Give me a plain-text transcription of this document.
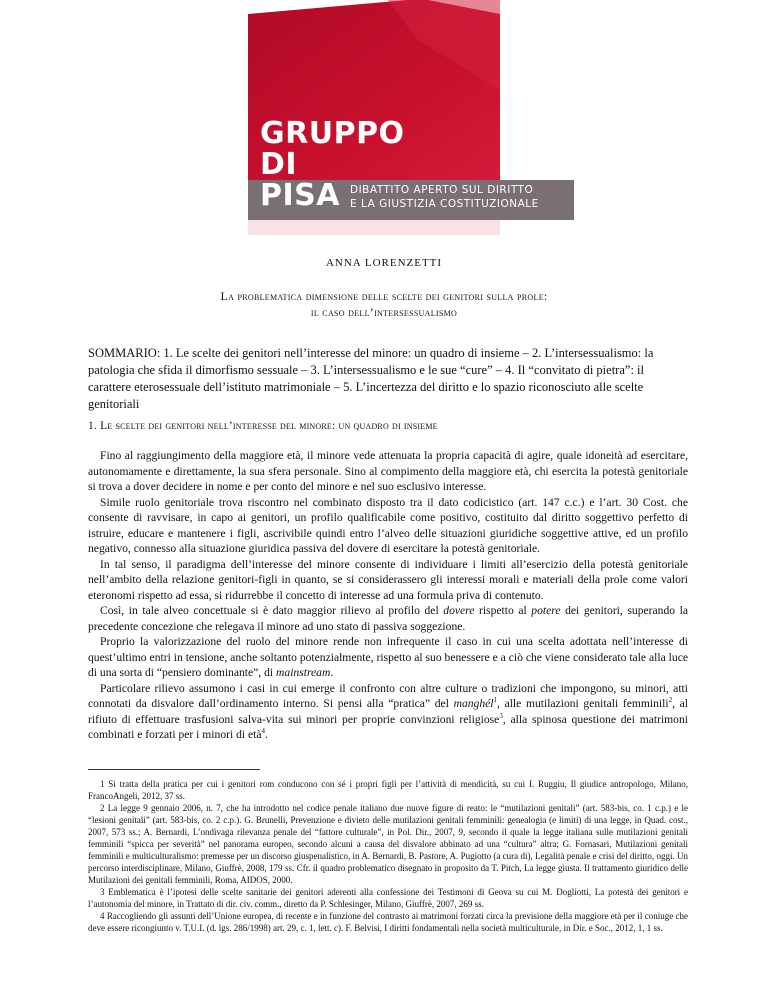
GRUPPO
DI
PISA DIBATTITO APERTO SUL DIRITTO
E LA GIUSTIZIA COSTITUZIONALE
ANNA LORENZETTI
La problematica dimensione delle scelte dei genitori sulla prole:
il caso dell’intersessualismo
SOMMARIO: 1. Le scelte dei genitori nell’interesse del minore: un quadro di insieme – 2. L’intersessualismo: la patologia che sfida il dimorfismo sessuale – 3. L’intersessualismo e le sue “cure” – 4. Il “convitato di pietra”: il carattere eterosessuale dell’istituto matrimoniale – 5. L’incertezza del diritto e lo spazio riconosciuto alle scelte genitoriali
1. Le scelte dei genitori nell’interesse del minore: un quadro di insieme

Fino al raggiungimento della maggiore età, il minore vede attenuata la propria capacità di agire, quale idoneità ad esercitare, autonomamente e direttamente, la sua sfera personale. Sino al compimento della maggiore età, chi esercita la potestà genitoriale si trova a dover decidere in nome e per conto del minore e nel suo esclusivo interesse.

Simile ruolo genitoriale trova riscontro nel combinato disposto tra il dato codicistico (art. 147 c.c.) e l’art. 30 Cost. che consente di ravvisare, in capo ai genitori, un profilo qualificabile come positivo, costituito dal diritto soggettivo perfetto di istruire, educare e mantenere i figli, ascrivibile quindi entro l’alveo delle situazioni giuridiche soggettive attive, ed un profilo negativo, connesso alla situazione giuridica passiva del dovere di esercitare la potestà genitoriale.

In tal senso, il paradigma dell’interesse del minore consente di individuare i limiti all’esercizio della potestà genitoriale nell’ambito della relazione genitori-figli in quanto, se si considerassero gli interessi morali e materiali della prole come valori eteronomi rispetto ad essa, si ridurrebbe il concetto di interesse ad una formula priva di contenuto.

Così, in tale alveo concettuale si è dato maggior rilievo al profilo del dovere rispetto al potere dei genitori, superando la precedente concezione che relegava il minore ad uno stato di passiva soggezione.

Proprio la valorizzazione del ruolo del minore rende non infrequente il caso in cui una scelta adottata nell’interesse di quest’ultimo entri in tensione, anche soltanto potenzialmente, rispetto al suo benessere e a ciò che viene considerato tale alla luce di una sorta di “pensiero dominante”, di mainstream.

Particolare rilievo assumono i casi in cui emerge il confronto con altre culture o tradizioni che impongono, su minori, atti connotati da disvalore dall’ordinamento interno. Si pensi alla “pratica” del manghél$^1$, alle mutilazioni genitali femminili$^2$, al rifiuto di effettuare trasfusioni salva-vita sui minori per proprie convinzioni religiose$^3$, alla spinosa questione dei matrimoni combinati e forzati per i minori di età$^4$.

1 Si tratta della pratica per cui i genitori rom conducono con sé i propri figli per l’attività di mendicità, su cui I. Ruggiu, Il giudice antropologo, Milano, FrancoAngeli, 2012, 37 ss.

2 La legge 9 gennaio 2006, n. 7, che ha introdotto nel codice penale italiano due nuove figure di reato: le “mutilazioni genitali” (art. 583-bis, co. 1 c.p.) e le “lesioni genitali” (art. 583-bis, co. 2 c.p.). G. Brunelli, Prevenzione e divieto delle mutilazioni genitali femminili: genealogia (e limiti) di una legge, in Quad. cost., 2007, 573 ss.; A. Bernardi, L’ondivaga rilevanza penale del “fattore culturale”, in Pol. Dir., 2007, 9, secondo il quale la legge italiana sulle mutilazioni genitali femminili “spicca per severità” nel panorama europeo, secondo alcuni a causa del disvalore abbinato ad una “cultura” altra; G. Fornasari, Mutilazioni genitali femminili e multiculturalismo: premesse per un discorso giuspenalistico, in A. Bernardi, B. Pastore, A. Pugiotto (a cura di), Legalità penale e crisi del diritto, oggi. Un percorso interdisciplinare, Milano, Giuffrè, 2008, 179 ss. Cfr. il quadro problematico disegnato in proposito da T. Pitch, La legge giusta. Il trattamento giuridico delle Mutilazioni dei genitali femminili, Roma, AIDOS, 2000.

3 Emblematica è l’ipotesi delle scelte sanitarie dei genitori aderenti alla confessione dei Testimoni di Geova su cui M. Dogliotti, La potestà dei genitori e l’autonomia del minore, in Trattato di dir. civ. comm., diretto da P. Schlesinger, Milano, Giuffrè, 2007, 269 ss.

4 Raccogliendo gli assunti dell’Unione europea, di recente e in funzione del contrasto ai matrimoni forzati circa la previsione della maggiore età per il coniuge che deve essere ricongiunto v. T.U.I. (d. lgs. 286/1998) art. 29, c. 1, lett. c). F. Belvisi, I diritti fondamentali nella società multiculturale, in Dir. e Soc., 2012, 1, 1 ss.
